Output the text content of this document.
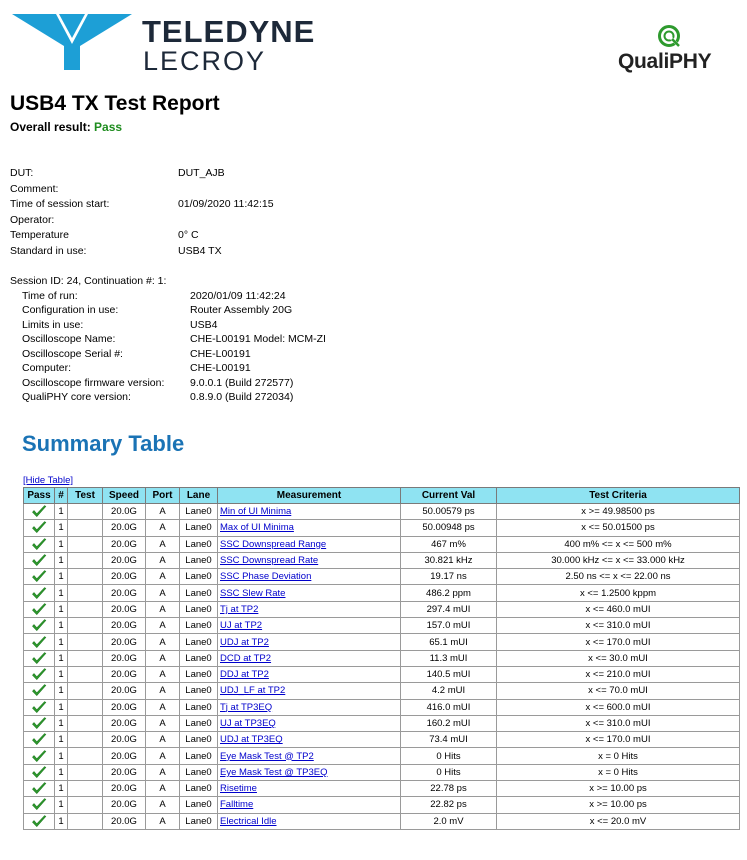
TELEDYNE
LECROY	QualiPHY
USB4 TX Test Report
Overall result: Pass
DUT:	DUT_AJB
Comment:
Time of session start:	01/09/2020 11:42:15
Operator:
Temperature	0° C
Standard in use:	USB4 TX
Session ID: 24, Continuation #: 1:
Time of run:	2020/01/09 11:42:24
Configuration in use:	Router Assembly 20G
Limits in use:	USB4
Oscilloscope Name:	CHE-L00191 Model: MCM-ZI
Oscilloscope Serial #:	CHE-L00191
Computer:	CHE-L00191
Oscilloscope firmware version: 9.0.0.1 (Build 272577)
QualiPHY core version:	0.8.9.0 (Build 272034)
Summary Table
[Hide Table]
Pass	#	Test	Speed	Port	Lane	Measurement	Current Val	Test Criteria

	1		20.0G	A	Lane0	Min of UI Minima	50.00579 ps	x >= 49.98500 ps

	1		20.0G	A	Lane0	Max of UI Minima	50.00948 ps	x <= 50.01500 ps

	1		20.0G	A	Lane0	SSC Downspread Range	467 m%	400 m% <= x <= 500 m%

	1		20.0G	A	Lane0	SSC Downspread Rate	30.821 kHz	30.000 kHz <= x <= 33.000 kHz

	1		20.0G	A	Lane0	SSC Phase Deviation	19.17 ns	2.50 ns <= x <= 22.00 ns

	1		20.0G	A	Lane0	SSC Slew Rate	486.2 ppm	x <= 1.2500 kppm

	1		20.0G	A	Lane0	Tj at TP2	297.4 mUI	x <= 460.0 mUI

	1		20.0G	A	Lane0	UJ at TP2	157.0 mUI	x <= 310.0 mUI

	1		20.0G	A	Lane0	UDJ at TP2	65.1 mUI	x <= 170.0 mUI

	1		20.0G	A	Lane0	DCD at TP2	11.3 mUI	x <= 30.0 mUI

	1		20.0G	A	Lane0	DDJ at TP2	140.5 mUI	x <= 210.0 mUI

	1		20.0G	A	Lane0	UDJ_LF at TP2	4.2 mUI	x <= 70.0 mUI

	1		20.0G	A	Lane0	Tj at TP3EQ	416.0 mUI	x <= 600.0 mUI

	1		20.0G	A	Lane0	UJ at TP3EQ	160.2 mUI	x <= 310.0 mUI

	1		20.0G	A	Lane0	UDJ at TP3EQ	73.4 mUI	x <= 170.0 mUI

	1		20.0G	A	Lane0	Eye Mask Test @ TP2	0 Hits	x = 0 Hits

	1		20.0G	A	Lane0	Eye Mask Test @ TP3EQ	0 Hits	x = 0 Hits

	1		20.0G	A	Lane0	Risetime	22.78 ps	x >= 10.00 ps

	1		20.0G	A	Lane0	Falltime	22.82 ps	x >= 10.00 ps

	1		20.0G	A	Lane0	Electrical Idle	2.0 mV	x <= 20.0 mV
